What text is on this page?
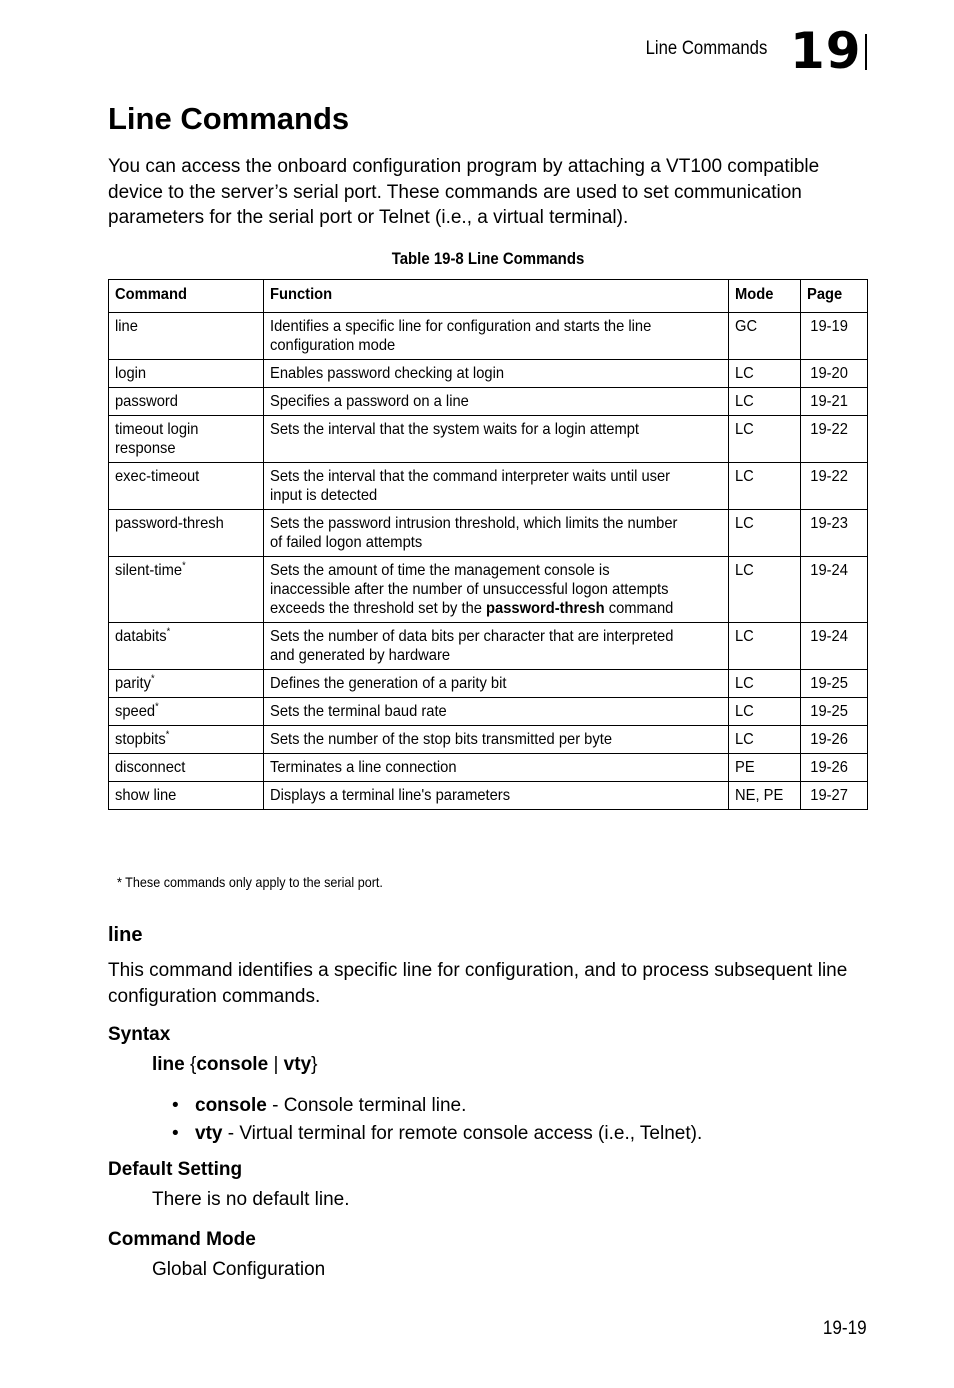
Line Commands 19
Line Commands

You can access the onboard configuration program by attaching a VT100 compatible device to the server’s serial port. These commands are used to set communication parameters for the serial port or Telnet (i.e., a virtual terminal).

Table 19-8 Line Commands
Command	Function	Mode	Page
line	Identifies a specific line for configuration and starts the line configuration mode	GC	19-19
login	Enables password checking at login	LC	19-20
password	Specifies a password on a line	LC	19-21
timeout login response	Sets the interval that the system waits for a login attempt	LC	19-22
exec-timeout	Sets the interval that the command interpreter waits until user input is detected	LC	19-22
password-thresh	Sets the password intrusion threshold, which limits the number of failed logon attempts	LC	19-23
silent-time*	Sets the amount of time the management console is inaccessible after the number of unsuccessful logon attempts exceeds the threshold set by the password-thresh command	LC	19-24
databits*	Sets the number of data bits per character that are interpreted and generated by hardware	LC	19-24
parity*	Defines the generation of a parity bit	LC	19-25
speed*	Sets the terminal baud rate	LC	19-25
stopbits*	Sets the number of the stop bits transmitted per byte	LC	19-26
disconnect	Terminates a line connection	PE	19-26
show line	Displays a terminal line's parameters	NE, PE	19-27
* These commands only apply to the serial port.
line

This command identifies a specific line for configuration, and to process subsequent line configuration commands.

Syntax
line {console | vty}
• console - Console terminal line.
• vty - Virtual terminal for remote console access (i.e., Telnet).
Default Setting
There is no default line.
Command Mode
Global Configuration
19-19
